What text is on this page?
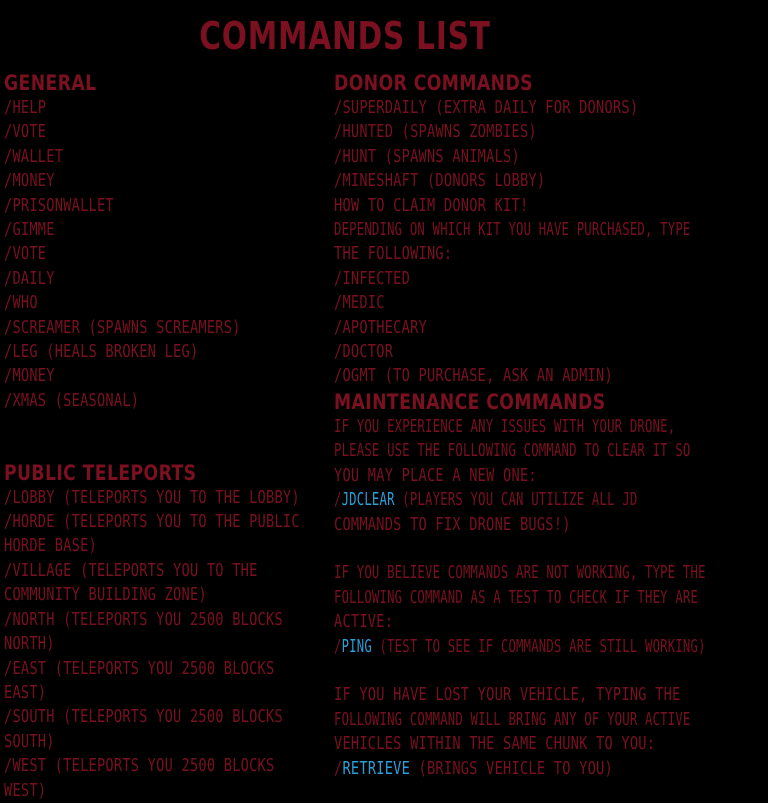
COMMANDS LIST
GENERAL
/HELP
/VOTE
/WALLET
/MONEY
/PRISONWALLET
/GIMME
/VOTE
/DAILY
/WHO
/SCREAMER (SPAWNS SCREAMERS)
/LEG (HEALS BROKEN LEG)
/MONEY
/XMAS (SEASONAL)
PUBLIC TELEPORTS
/LOBBY (TELEPORTS YOU TO THE LOBBY)
/HORDE (TELEPORTS YOU TO THE PUBLIC
HORDE BASE)
/VILLAGE (TELEPORTS YOU TO THE
COMMUNITY BUILDING ZONE)
/NORTH (TELEPORTS YOU 2500 BLOCKS
NORTH)
/EAST (TELEPORTS YOU 2500 BLOCKS
EAST)
/SOUTH (TELEPORTS YOU 2500 BLOCKS
SOUTH)
/WEST (TELEPORTS YOU 2500 BLOCKS
WEST)
DONOR COMMANDS
/SUPERDAILY (EXTRA DAILY FOR DONORS)
/HUNTED (SPAWNS ZOMBIES)
/HUNT (SPAWNS ANIMALS)
/MINESHAFT (DONORS LOBBY)
HOW TO CLAIM DONOR KIT!
DEPENDING ON WHICH KIT YOU HAVE PURCHASED, TYPE
THE FOLLOWING:
/INFECTED
/MEDIC
/APOTHECARY
/DOCTOR
/OGMT (TO PURCHASE, ASK AN ADMIN)
MAINTENANCE COMMANDS
IF YOU EXPERIENCE ANY ISSUES WITH YOUR DRONE,
PLEASE USE THE FOLLOWING COMMAND TO CLEAR IT SO
YOU MAY PLACE A NEW ONE:
/JDCLEAR (PLAYERS YOU CAN UTILIZE ALL JD
COMMANDS TO FIX DRONE BUGS!)
IF YOU BELIEVE COMMANDS ARE NOT WORKING, TYPE THE
FOLLOWING COMMAND AS A TEST TO CHECK IF THEY ARE
ACTIVE:
/PING (TEST TO SEE IF COMMANDS ARE STILL WORKING)
IF YOU HAVE LOST YOUR VEHICLE, TYPING THE
FOLLOWING COMMAND WILL BRING ANY OF YOUR ACTIVE
VEHICLES WITHIN THE SAME CHUNK TO YOU:
/RETRIEVE (BRINGS VEHICLE TO YOU)
